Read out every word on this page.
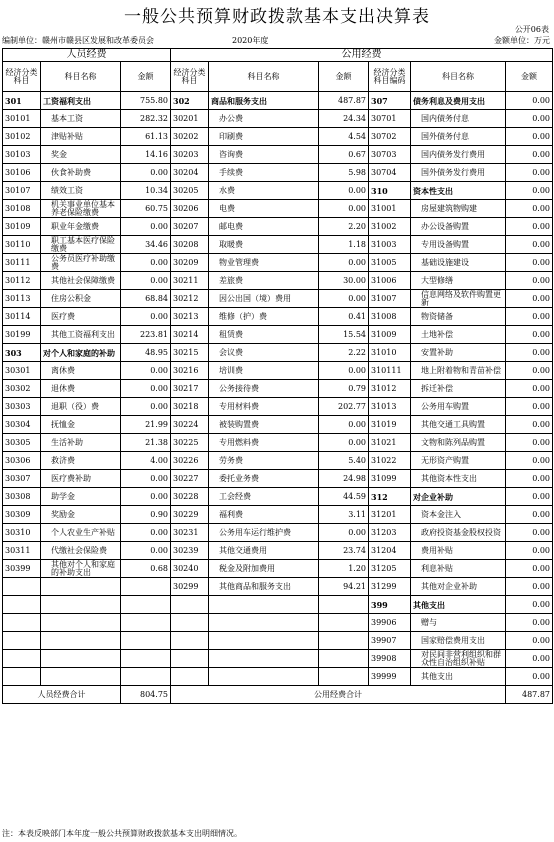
一般公共预算财政拨款基本支出决算表
公开06表
编制单位：赣州市赣县区发展和改革委员会	2020年度	金额单位：万元
人员经费			公用经费					
经济分类科目	科目名称	金额	经济分类科目	科目名称	金额	经济分类科目编码	科目名称	金额
301	工资福利支出	755.80	302	商品和服务支出	487.87	307	债务利息及费用支出	0.00
30101	基本工资	282.32	30201	办公费	24.34	30701	国内债务付息	0.00
30102	津贴补贴	61.13	30202	印刷费	4.54	30702	国外债务付息	0.00
30103	奖金	14.16	30203	咨询费	0.67	30703	国内债务发行费用	0.00
30106	伙食补助费	0.00	30204	手续费	5.98	30704	国外债务发行费用	0.00
30107	绩效工资	10.34	30205	水费	0.00	310	资本性支出	0.00
30108	机关事业单位基本养老保险缴费	60.75	30206	电费	0.00	31001	房屋建筑物购建	0.00
30109	职业年金缴费	0.00	30207	邮电费	2.20	31002	办公设备购置	0.00
30110	职工基本医疗保险缴费	34.46	30208	取暖费	1.18	31003	专用设备购置	0.00
30111	公务员医疗补助缴费	0.00	30209	物业管理费	0.00	31005	基础设施建设	0.00
30112	其他社会保障缴费	0.00	30211	差旅费	30.00	31006	大型修缮	0.00
30113	住房公积金	68.84	30212	因公出国（境）费用	0.00	31007	信息网络及软件购置更新	0.00
30114	医疗费	0.00	30213	维修（护）费	0.41	31008	物资储备	0.00
30199	其他工资福利支出	223.81	30214	租赁费	15.54	31009	土地补偿	0.00
303	对个人和家庭的补助	48.95	30215	会议费	2.22	31010	安置补助	0.00
30301	离休费	0.00	30216	培训费	0.00	310111	地上附着物和青苗补偿	0.00
30302	退休费	0.00	30217	公务接待费	0.79	31012	拆迁补偿	0.00
30303	退职（役）费	0.00	30218	专用材料费	202.77	31013	公务用车购置	0.00
30304	抚恤金	21.99	30224	被装购置费	0.00	31019	其他交通工具购置	0.00
30305	生活补助	21.38	30225	专用燃料费	0.00	31021	文物和陈列品购置	0.00
30306	救济费	4.00	30226	劳务费	5.40	31022	无形资产购置	0.00
30307	医疗费补助	0.00	30227	委托业务费	24.98	31099	其他资本性支出	0.00
30308	助学金	0.00	30228	工会经费	44.59	312	对企业补助	0.00
30309	奖励金	0.90	30229	福利费	3.11	31201	资本金注入	0.00
30310	个人农业生产补贴	0.00	30231	公务用车运行维护费	0.00	31203	政府投资基金股权投资	0.00
30311	代缴社会保险费	0.00	30239	其他交通费用	23.74	31204	费用补贴	0.00
30399	其他对个人和家庭的补助支出	0.68	30240	税金及附加费用	1.20	31205	利息补贴	0.00
			30299	其他商品和服务支出	94.21	31299	其他对企业补助	0.00
						399	其他支出	0.00
						39906	赠与	0.00
						39907	国家赔偿费用支出	0.00
						39908	对民间非营利组织和群众性自治组织补贴	0.00
						39999	其他支出	0.00
人员经费合计		804.75	公用经费合计					487.87
注：本表反映部门本年度一般公共预算财政拨款基本支出明细情况。
